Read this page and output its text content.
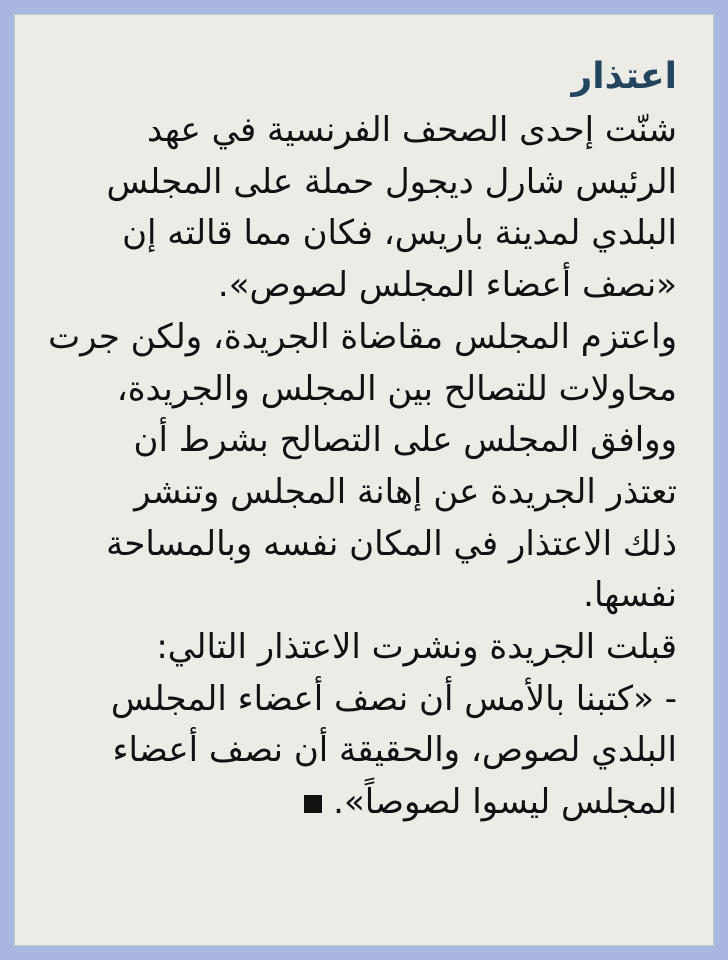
اعتذار
شنّت إحدى الصحف الفرنسية في عهد
الرئيس شارل ديجول حملة على المجلس
البلدي لمدينة باريس، فكان مما قالته إن
«نصف أعضاء المجلس لصوص».
واعتزم المجلس مقاضاة الجريدة، ولكن جرت
محاولات للتصالح بين المجلس والجريدة،
ووافق المجلس على التصالح بشرط أن
تعتذر الجريدة عن إهانة المجلس وتنشر
ذلك الاعتذار في المكان نفسه وبالمساحة
نفسها.
قبلت الجريدة ونشرت الاعتذار التالي:
- «كتبنا بالأمس أن نصف أعضاء المجلس
البلدي لصوص، والحقيقة أن نصف أعضاء
المجلس ليسوا لصوصاً».
